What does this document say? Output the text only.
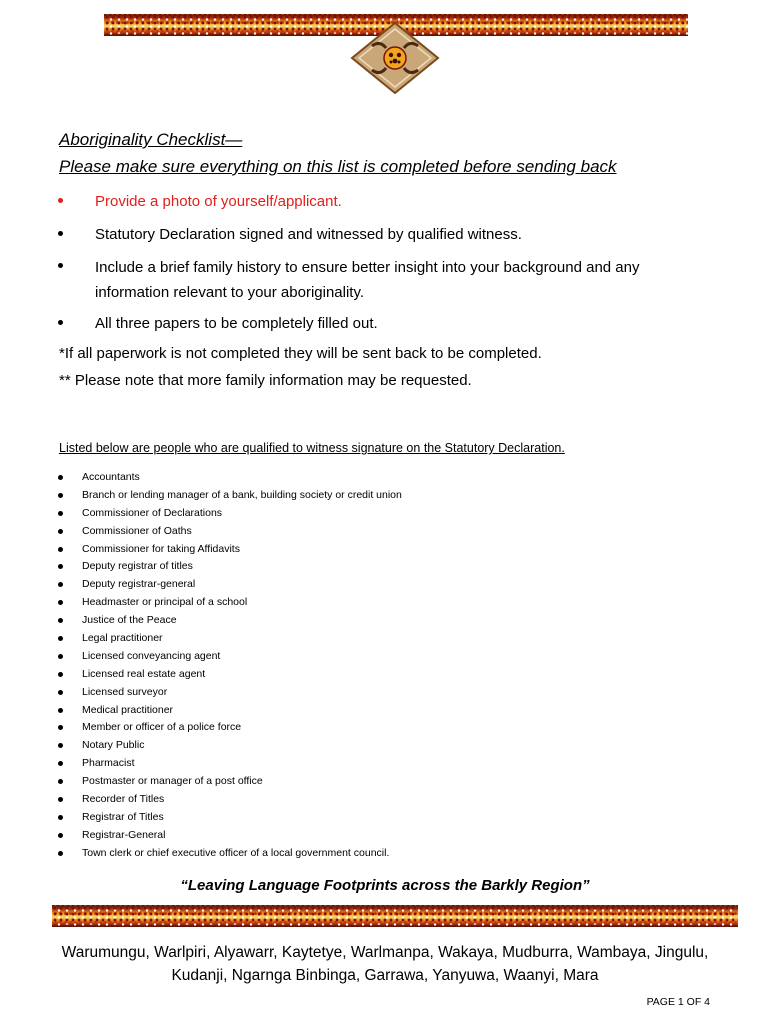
Aboriginality Checklist—
Please make sure everything on this list is completed before sending back
Provide a photo of yourself/applicant.
Statutory Declaration signed and witnessed by qualified witness.
Include a brief family history to ensure better insight into your background and any information relevant to your aboriginality.
All three papers to be completely filled out.
*If all paperwork is not completed they will be sent back to be completed.
** Please note that more family information may be requested.
Listed below are people who are qualified to witness signature on the Statutory Declaration.
Accountants
Branch or lending manager of a bank, building society or credit union
Commissioner of Declarations
Commissioner of Oaths
Commissioner for taking Affidavits
Deputy registrar of titles
Deputy registrar-general
Headmaster or principal of a school
Justice of the Peace
Legal practitioner
Licensed conveyancing agent
Licensed real estate agent
Licensed surveyor
Medical practitioner
Member or officer of a police force
Notary Public
Pharmacist
Postmaster or manager of a post office
Recorder of Titles
Registrar of Titles
Registrar-General
Town clerk or chief executive officer of a local government council.
“Leaving Language Footprints across the Barkly Region”
Warumungu, Warlpiri, Alyawarr, Kaytetye, Warlmanpa, Wakaya, Mudburra, Wambaya, Jingulu, Kudanji, Ngarnga Binbinga, Garrawa, Yanyuwa, Waanyi, Mara
PAGE 1 OF 4
